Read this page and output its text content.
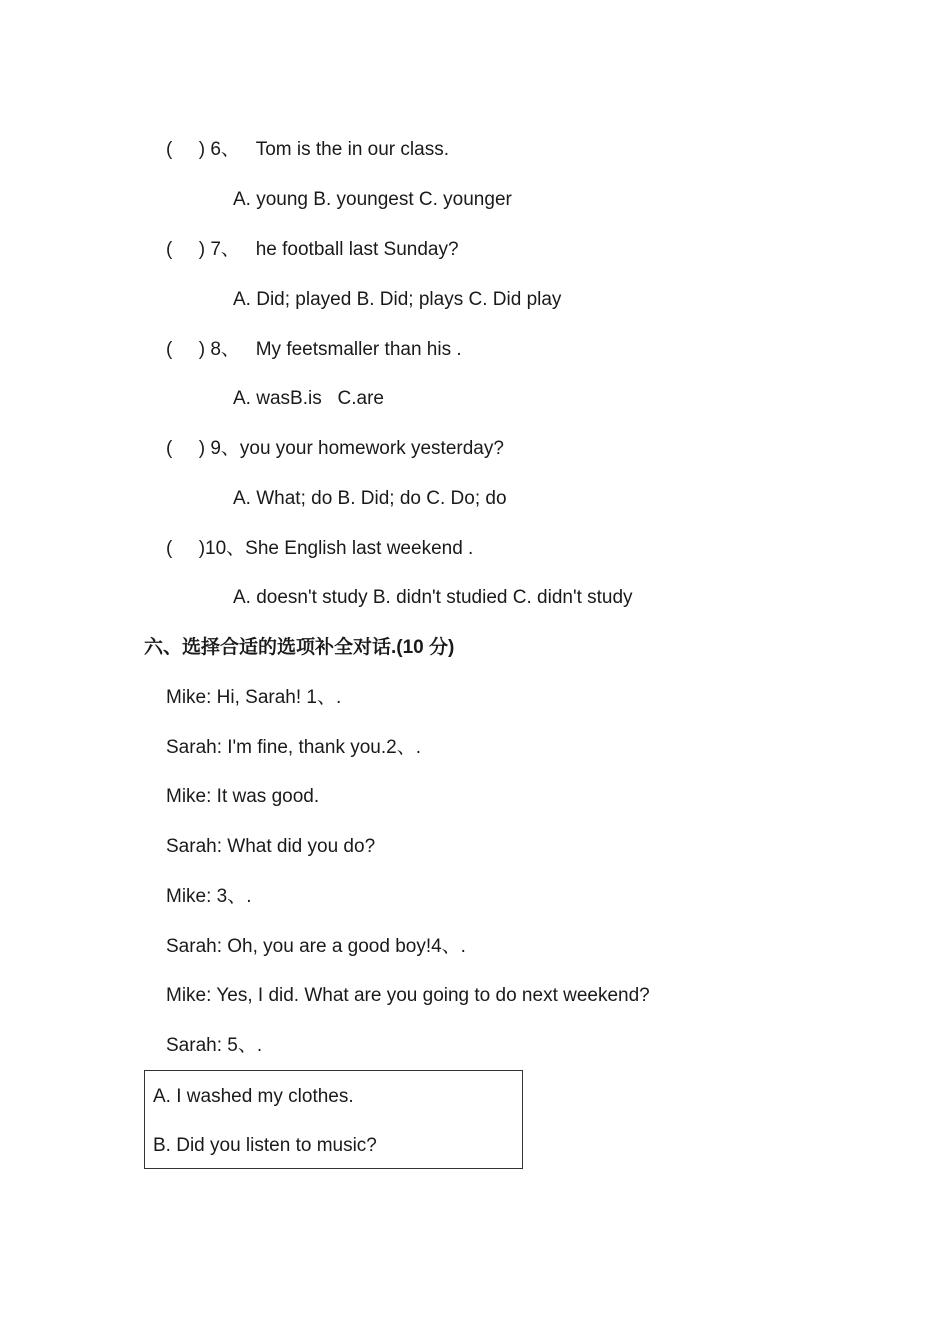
(     ) 6、   Tom is the in our class.
A. young B. youngest C. younger
(     ) 7、   he football last Sunday?
A. Did; played B. Did; plays C. Did play
(     ) 8、   My feetsmaller than his .
A. wasB.is   C.are
(     ) 9、you your homework yesterday?
A. What; do B. Did; do C. Do; do
(     )10、She English last weekend .
A. doesn't study B. didn't studied C. didn't study
六、选择合适的选项补全对话.(10 分)
Mike: Hi, Sarah! 1、.
Sarah: I'm fine, thank you.2、.
Mike: It was good.
Sarah: What did you do?
Mike: 3、.
Sarah: Oh, you are a good boy!4、.
Mike: Yes, I did. What are you going to do next weekend?
Sarah: 5、.
A. I washed my clothes.
B. Did you listen to music?
